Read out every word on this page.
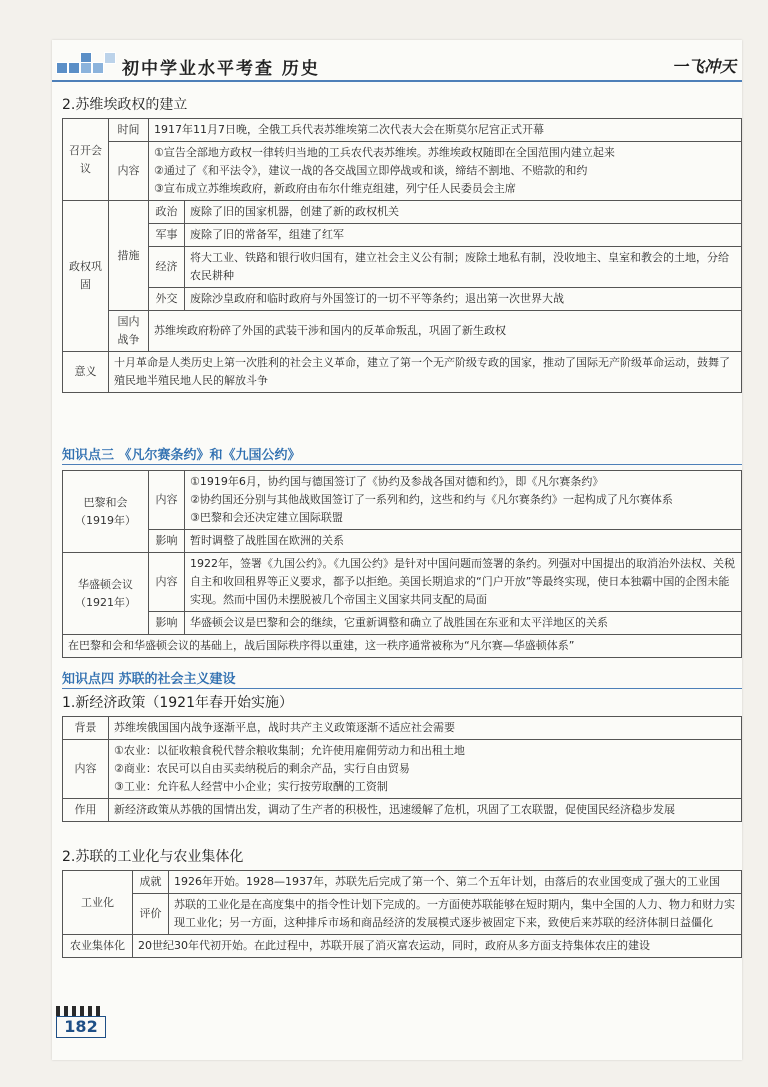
初中学业水平考查 历史	一飞冲天
2.苏维埃政权的建立
召开会议	时间	1917年11月7日晚，全俄工兵代表苏维埃第二次代表大会在斯莫尔尼宫正式开幕	
	内容	①宣告全部地方政权一律转归当地的工兵农代表苏维埃。苏维埃政权随即在全国范围内建立起来
②通过了《和平法令》，建议一战的各交战国立即停战或和谈，缔结不割地、不赔款的和约
③宣布成立苏维埃政府，新政府由布尔什维克组建，列宁任人民委员会主席	

政权巩固	措施	政治	废除了旧的国家机器，创建了新的政权机关
		军事	废除了旧的常备军，组建了红军
		经济	将大工业、铁路和银行收归国有，建立社会主义公有制；废除土地私有制，没收地主、皇室和教会的土地，分给农民耕种
		外交	废除沙皇政府和临时政府与外国签订的一切不平等条约；退出第一次世界大战
	国内战争	苏维埃政府粉碎了外国的武装干涉和国内的反革命叛乱，巩固了新生政权	
意义	十月革命是人类历史上第一次胜利的社会主义革命，建立了第一个无产阶级专政的国家，推动了国际无产阶级革命运动，鼓舞了殖民地半殖民地人民的解放斗争		
知识点三 《凡尔赛条约》和《九国公约》
巴黎和会（1919年）	内容	①1919年6月，协约国与德国签订了《协约及参战各国对德和约》，即《凡尔赛条约》
②协约国还分别与其他战败国签订了一系列和约，这些和约与《凡尔赛条约》一起构成了凡尔赛体系
③巴黎和会还决定建立国际联盟

	影响	暂时调整了战胜国在欧洲的关系
华盛顿会议（1921年）	内容	1922年，签署《九国公约》。《九国公约》是针对中国问题而签署的条约。列强对中国提出的取消治外法权、关税自主和收回租界等正义要求，都予以拒绝。美国长期追求的“门户开放”等最终实现，使日本独霸中国的企图未能实现。然而中国仍未摆脱被几个帝国主义国家共同支配的局面
	影响	华盛顿会议是巴黎和会的继续，它重新调整和确立了战胜国在东亚和太平洋地区的关系
在巴黎和会和华盛顿会议的基础上，战后国际秩序得以重建，这一秩序通常被称为“凡尔赛—华盛顿体系”		
知识点四 苏联的社会主义建设
1.新经济政策（1921年春开始实施）
背景	苏维埃俄国国内战争逐渐平息，战时共产主义政策逐渐不适应社会需要
内容	①农业：以征收粮食税代替余粮收集制；允许使用雇佣劳动力和出租土地
②商业：农民可以自由买卖纳税后的剩余产品，实行自由贸易
③工业：允许私人经营中小企业；实行按劳取酬的工资制

作用	新经济政策从苏俄的国情出发，调动了生产者的积极性，迅速缓解了危机，巩固了工农联盟，促使国民经济稳步发展
2.苏联的工业化与农业集体化
工业化	成就	1926年开始。1928—1937年，苏联先后完成了第一个、第二个五年计划，由落后的农业国变成了强大的工业国
	评价	苏联的工业化是在高度集中的指令性计划下完成的。一方面使苏联能够在短时期内，集中全国的人力、物力和财力实现工业化；另一方面，这种排斥市场和商品经济的发展模式逐步被固定下来，致使后来苏联的经济体制日益僵化
农业集体化	20世纪30年代初开始。在此过程中，苏联开展了消灭富农运动，同时，政府从多方面支持集体农庄的建设	
182
